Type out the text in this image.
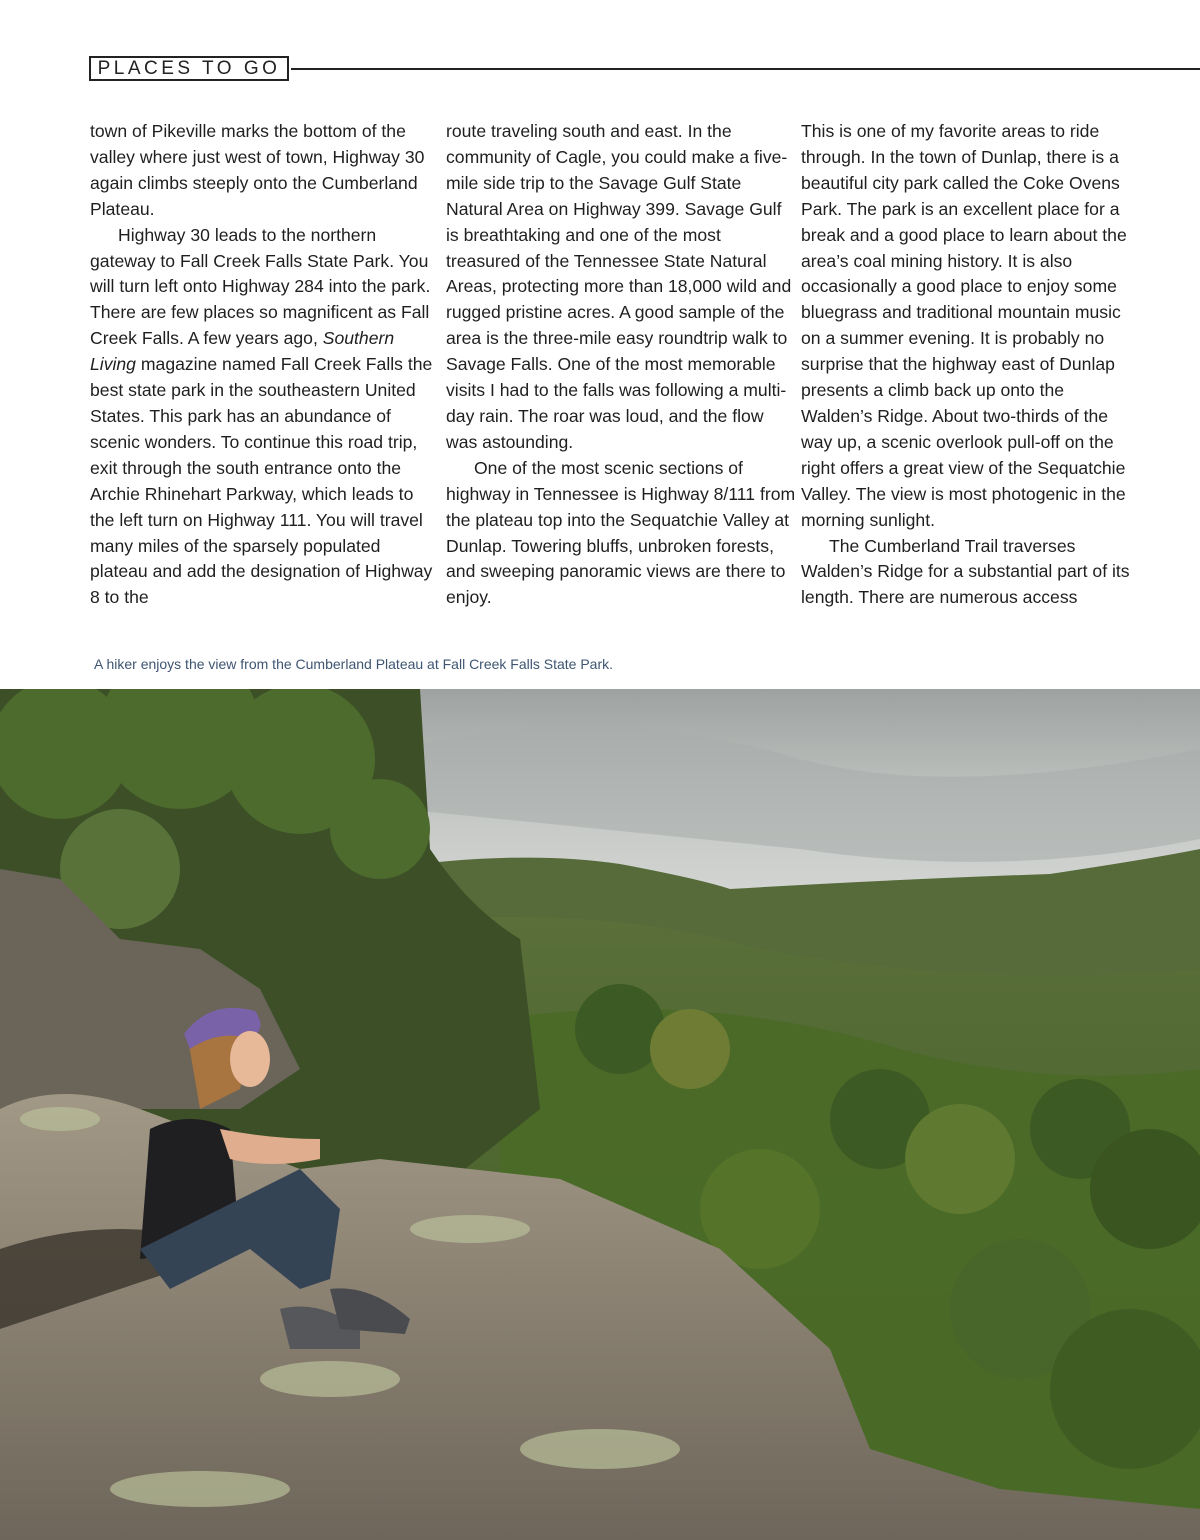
PLACES TO GO

town of Pikeville marks the bottom of the valley where just west of town, Highway 30 again climbs steeply onto the Cumberland Plateau.

Highway 30 leads to the northern gateway to Fall Creek Falls State Park. You will turn left onto Highway 284 into the park. There are few places so magnificent as Fall Creek Falls. A few years ago, Southern Living magazine named Fall Creek Falls the best state park in the southeastern United States. This park has an abundance of scenic wonders. To continue this road trip, exit through the south entrance onto the Archie Rhinehart Parkway, which leads to the left turn on Highway 111. You will travel many miles of the sparsely populated plateau and add the designation of Highway 8 to the

route traveling south and east. In the community of Cagle, you could make a five-mile side trip to the Savage Gulf State Natural Area on Highway 399. Savage Gulf is breathtaking and one of the most treasured of the Tennessee State Natural Areas, protecting more than 18,000 wild and rugged pristine acres. A good sample of the area is the three-mile easy roundtrip walk to Savage Falls. One of the most memorable visits I had to the falls was following a multi-day rain. The roar was loud, and the flow was astounding.

One of the most scenic sections of highway in Tennessee is Highway 8/111 from the plateau top into the Sequatchie Valley at Dunlap. Towering bluffs, unbroken forests, and sweeping panoramic views are there to enjoy.

This is one of my favorite areas to ride through. In the town of Dunlap, there is a beautiful city park called the Coke Ovens Park. The park is an excellent place for a break and a good place to learn about the area’s coal mining history. It is also occasionally a good place to enjoy some bluegrass and traditional mountain music on a summer evening. It is probably no surprise that the highway east of Dunlap presents a climb back up onto the Walden’s Ridge. About two-thirds of the way up, a scenic overlook pull-off on the right offers a great view of the Sequatchie Valley. The view is most photogenic in the morning sunlight.

The Cumberland Trail traverses Walden’s Ridge for a substantial part of its length. There are numerous access

A hiker enjoys the view from the Cumberland Plateau at Fall Creek Falls State Park.
